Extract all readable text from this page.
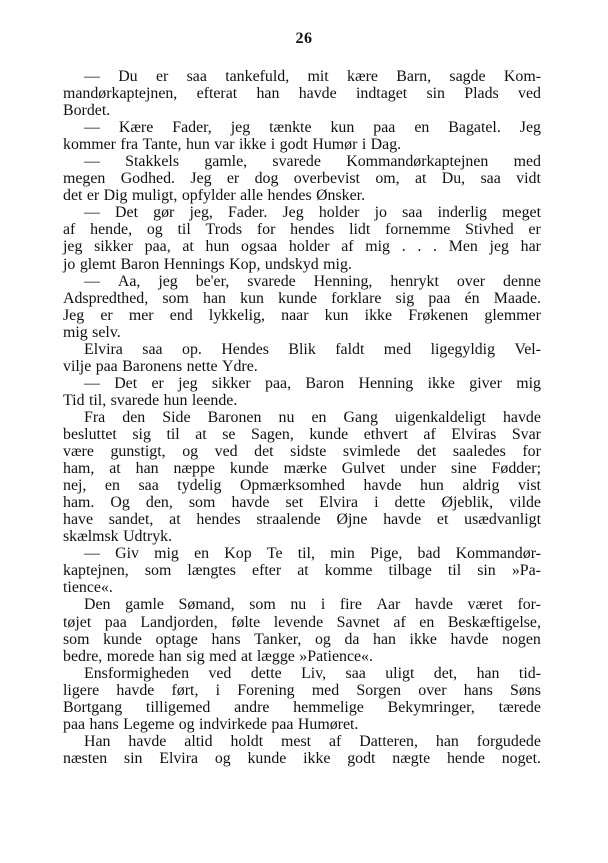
26
— Du er saa tankefuld, mit kære Barn, sagde Kom-
mandørkaptejnen, efterat han havde indtaget sin Plads ved
Bordet.
— Kære Fader, jeg tænkte kun paa en Bagatel. Jeg
kommer fra Tante, hun var ikke i godt Humør i Dag.
— Stakkels gamle, svarede Kommandørkaptejnen med
megen Godhed. Jeg er dog overbevist om, at Du, saa vidt
det er Dig muligt, opfylder alle hendes Ønsker.
— Det gør jeg, Fader. Jeg holder jo saa inderlig meget
af hende, og til Trods for hendes lidt fornemme Stivhed er
jeg sikker paa, at hun ogsaa holder af mig . . . Men jeg har
jo glemt Baron Hennings Kop, undskyd mig.
— Aa, jeg be'er, svarede Henning, henrykt over denne
Adspredthed, som han kun kunde forklare sig paa én Maade.
Jeg er mer end lykkelig, naar kun ikke Frøkenen glemmer
mig selv.
Elvira saa op. Hendes Blik faldt med ligegyldig Vel-
vilje paa Baronens nette Ydre.
— Det er jeg sikker paa, Baron Henning ikke giver mig
Tid til, svarede hun leende.
Fra den Side Baronen nu en Gang uigenkaldeligt havde
besluttet sig til at se Sagen, kunde ethvert af Elviras Svar
være gunstigt, og ved det sidste svimlede det saaledes for
ham, at han næppe kunde mærke Gulvet under sine Fødder;
nej, en saa tydelig Opmærksomhed havde hun aldrig vist
ham. Og den, som havde set Elvira i dette Øjeblik, vilde
have sandet, at hendes straalende Øjne havde et usædvanligt
skælmsk Udtryk.
— Giv mig en Kop Te til, min Pige, bad Kommandør-
kaptejnen, som længtes efter at komme tilbage til sin »Pa-
tience«.
Den gamle Sømand, som nu i fire Aar havde været for-
tøjet paa Landjorden, følte levende Savnet af en Beskæftigelse,
som kunde optage hans Tanker, og da han ikke havde nogen
bedre, morede han sig med at lægge »Patience«.
Ensformigheden ved dette Liv, saa uligt det, han tid-
ligere havde ført, i Forening med Sorgen over hans Søns
Bortgang tilligemed andre hemmelige Bekymringer, tærede
paa hans Legeme og indvirkede paa Humøret.
Han havde altid holdt mest af Datteren, han forgudede
næsten sin Elvira og kunde ikke godt nægte hende noget.
